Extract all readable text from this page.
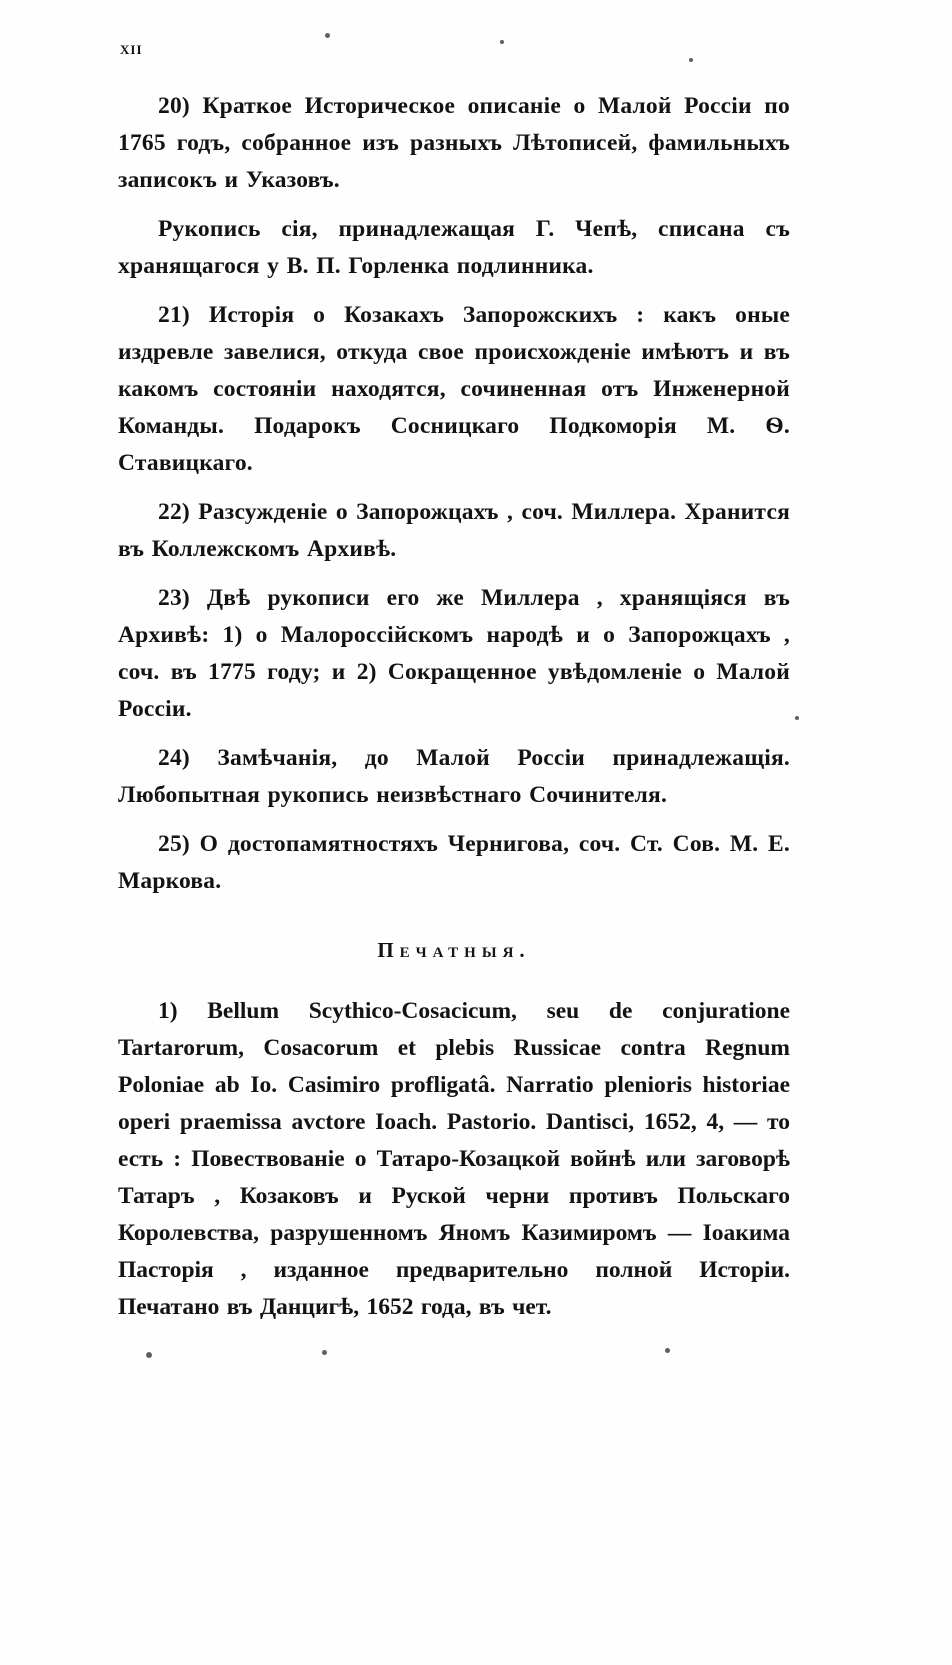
xii

20) Краткое Историческое описаніе о Малой Россіи по 1765 годъ, собранное изъ разныхъ Лѣтописей, фамильныхъ записокъ и Указовъ.

Рукопись сія, принадлежащая Г. Чепѣ, списана съ хранящагося у В. П. Горленка подлинника.

21) Исторія о Козакахъ Запорожскихъ : какъ оные издревле завелися, откуда свое происхожденіе имѣютъ и въ какомъ состояніи находятся, сочиненная отъ Инженерной Команды. Подарокъ Сосницкаго Подкоморія М. Ѳ. Ставицкаго.

22) Разсужденіе о Запорожцахъ , соч. Миллера. Хранится въ Коллежскомъ Архивѣ.

23) Двѣ рукописи его же Миллера , хранящіяся въ Архивѣ: 1) о Малороссійскомъ народѣ и о Запорожцахъ , соч. въ 1775 году; и 2) Сокращенное увѣдомленіе о Малой Россіи.

24) Замѣчанія, до Малой Россіи принадлежащія. Любопытная рукопись неизвѣстнаго Сочинителя.

25) О достопамятностяхъ Чернигова, соч. Ст. Сов. М. Е. Маркова.

Печатныя.

1) Bellum Scythico-Cosacicum, seu de conjuratione Tartarorum, Cosacorum et plebis Russicae contra Regnum Poloniae ab Io. Casimiro profligatâ. Narratio plenioris historiae operi praemissa avctore Ioach. Pastorio. Dantisci, 1652, 4, — то есть : Повествованіе о Татаро-Козацкой войнѣ или заговорѣ Татаръ , Козаковъ и Руской черни противъ Польскаго Королевства, разрушенномъ Яномъ Казимиромъ — Іоакима Пасторія , изданное предварительно полной Исторіи. Печатано въ Данцигѣ, 1652 года, въ чет.
